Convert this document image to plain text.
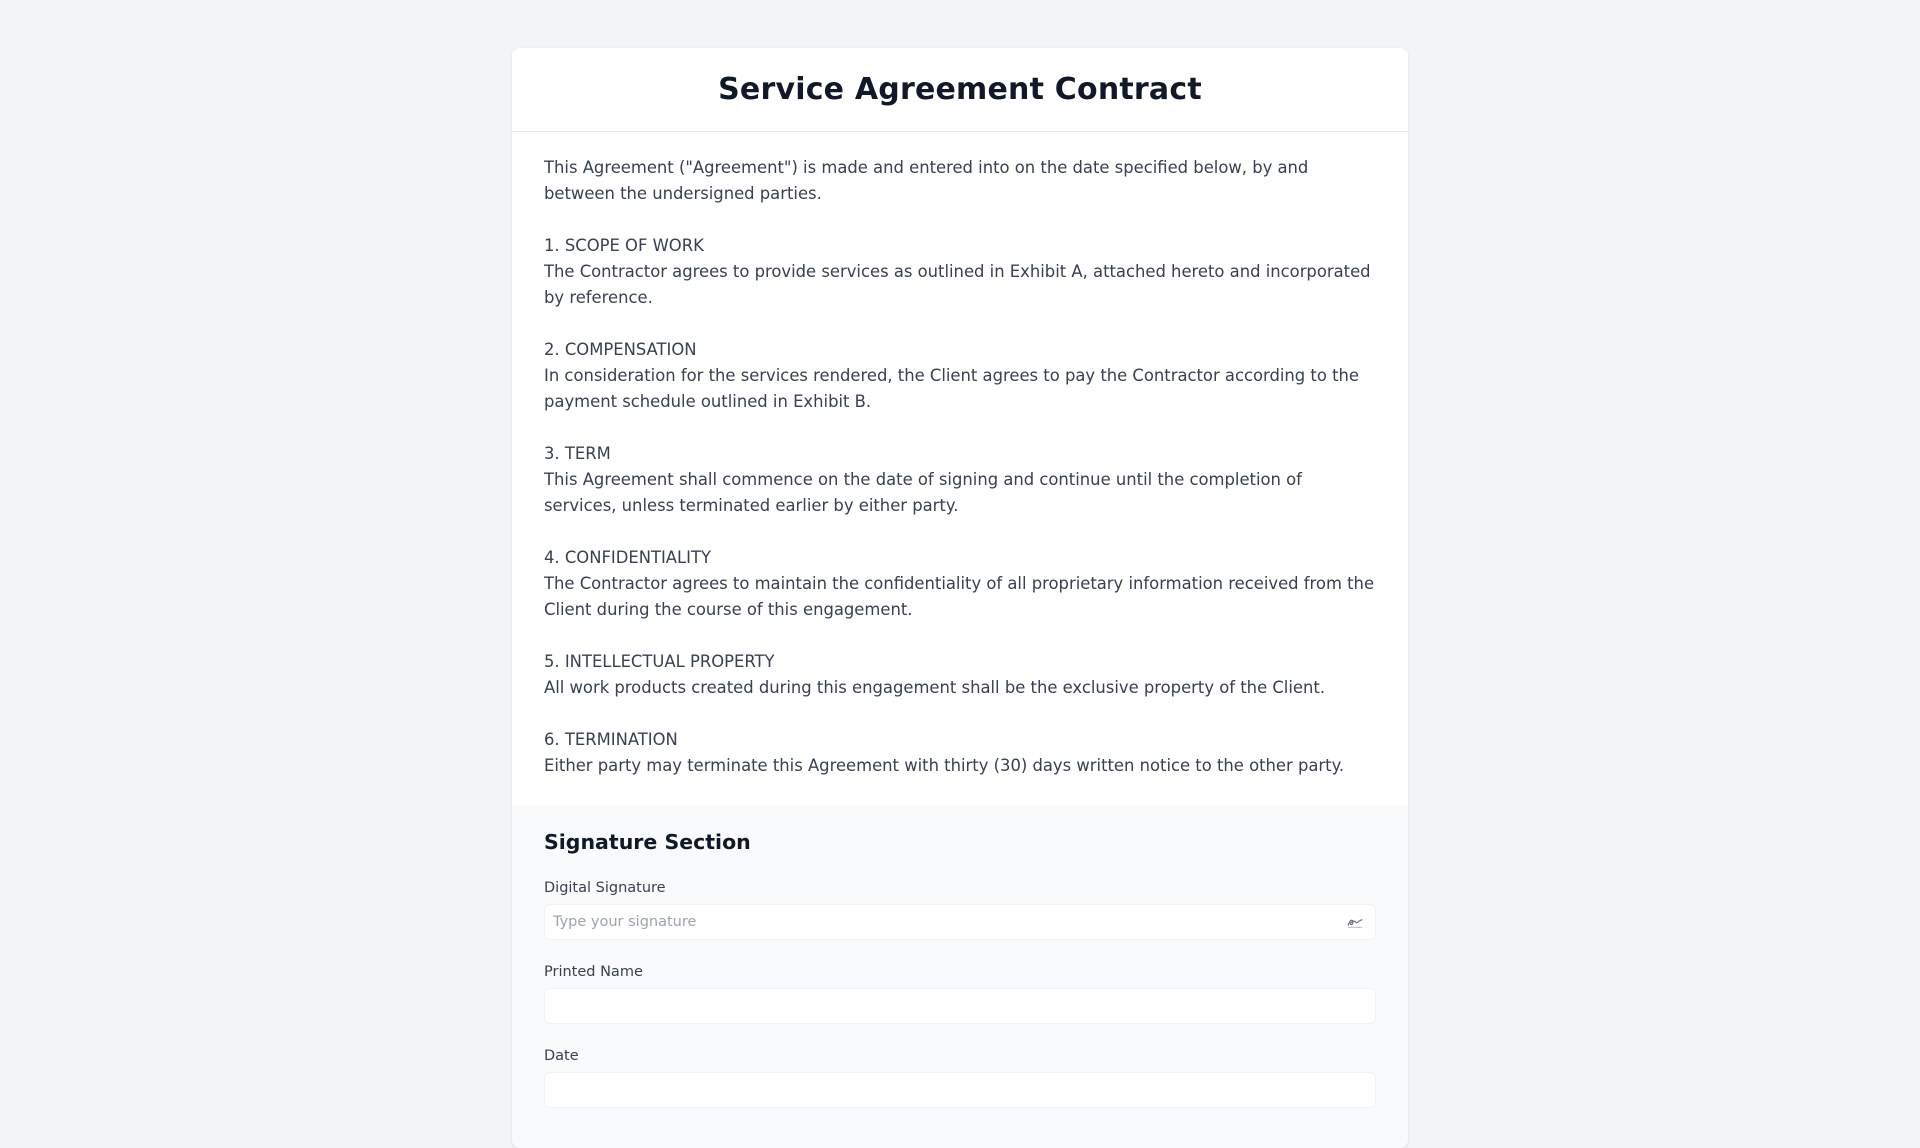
Service Agreement Contract

This Agreement ("Agreement") is made and entered into on the date specified below, by and between the undersigned parties.

1. SCOPE OF WORK
The Contractor agrees to provide services as outlined in Exhibit A, attached hereto and incorporated by reference.
2. COMPENSATION
In consideration for the services rendered, the Client agrees to pay the Contractor according to the payment schedule outlined in Exhibit B.
3. TERM
This Agreement shall commence on the date of signing and continue until the completion of services, unless terminated earlier by either party.
4. CONFIDENTIALITY
The Contractor agrees to maintain the confidentiality of all proprietary information received from the Client during the course of this engagement.
5. INTELLECTUAL PROPERTY
All work products created during this engagement shall be the exclusive property of the Client.
6. TERMINATION
Either party may terminate this Agreement with thirty (30) days written notice to the other party.
Signature Section
Digital Signature
Type your signature
Printed Name
Date
